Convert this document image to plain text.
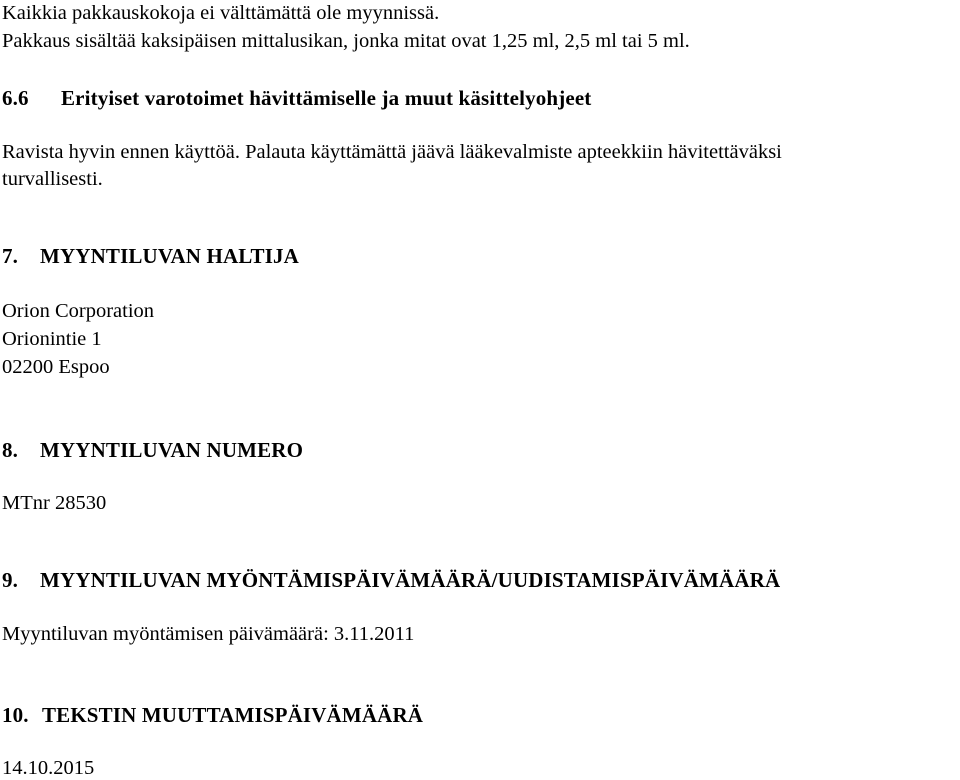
Kaikkia pakkauskokoja ei välttämättä ole myynnissä.
Pakkaus sisältää kaksipäisen mittalusikan, jonka mitat ovat 1,25 ml, 2,5 ml tai 5 ml.
6.6 Erityiset varotoimet hävittämiselle ja muut käsittelyohjeet
Ravista hyvin ennen käyttöä. Palauta käyttämättä jäävä lääkevalmiste apteekkiin hävitettäväksi
turvallisesti.
7. MYYNTILUVAN HALTIJA
Orion Corporation
Orionintie 1
02200 Espoo
8. MYYNTILUVAN NUMERO
MTnr 28530
9. MYYNTILUVAN MYÖNTÄMISPÄIVÄMÄÄRÄ/UUDISTAMISPÄIVÄMÄÄRÄ
Myyntiluvan myöntämisen päivämäärä: 3.11.2011
10. TEKSTIN MUUTTAMISPÄIVÄMÄÄRÄ
14.10.2015
